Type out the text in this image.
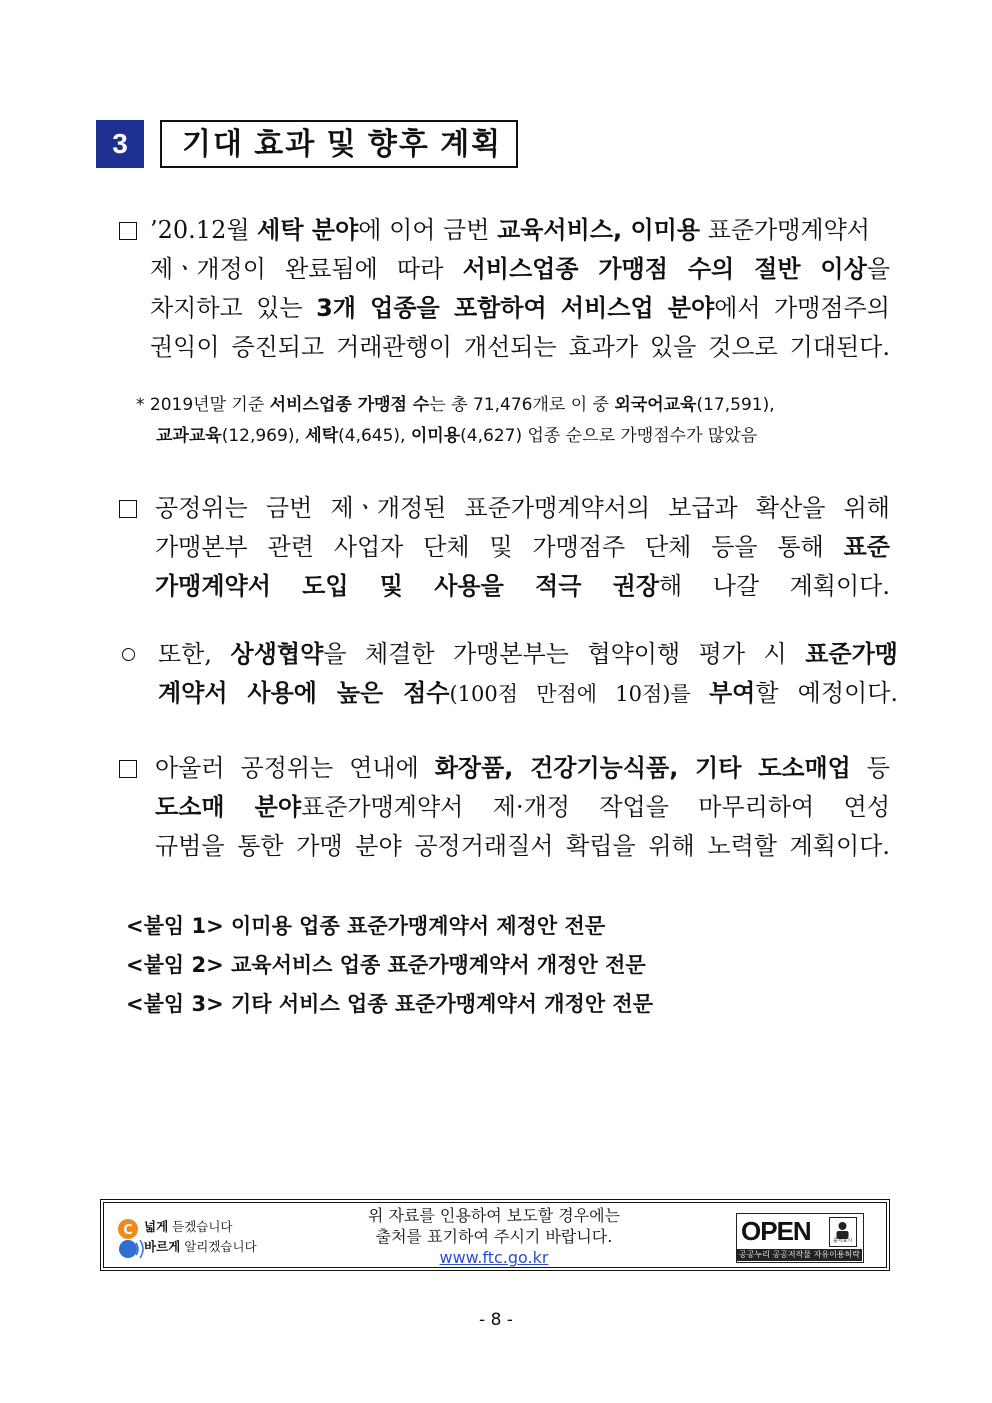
3	기대 효과 및 향후 계획
’20.12월 세탁 분야에 이어 금번 교육서비스, 이미용 표준가맹계약서
제ㆍ개정이 완료됨에 따라 서비스업종 가맹점 수의 절반 이상을
차지하고 있는 3개 업종을 포함하여 서비스업 분야에서 가맹점주의
권익이 증진되고 거래관행이 개선되는 효과가 있을 것으로 기대된다.
* 2019년말 기준 서비스업종 가맹점 수는 총 71,476개로 이 중 외국어교육(17,591),
교과교육(12,969), 세탁(4,645), 이미용(4,627) 업종 순으로 가맹점수가 많았음
공정위는 금번 제ㆍ개정된 표준가맹계약서의 보급과 확산을 위해
가맹본부 관련 사업자 단체 및 가맹점주 단체 등을 통해 표준
가맹계약서 도입 및 사용을 적극 권장해 나갈 계획이다.
또한, 상생협약을 체결한 가맹본부는 협약이행 평가 시 표준가맹
계약서 사용에 높은 점수(100점 만점에 10점)를 부여할 예정이다.
아울러 공정위는 연내에 화장품, 건강기능식품, 기타 도소매업 등
도소매 분야표준가맹계약서 제·개정 작업을 마무리하여 연성
규범을 통한 가맹 분야 공정거래질서 확립을 위해 노력할 계획이다.
<붙임 1> 이미용 업종 표준가맹계약서 제정안 전문
<붙임 2> 교육서비스 업종 표준가맹계약서 개정안 전문
<붙임 3> 기타 서비스 업종 표준가맹계약서 개정안 전문
C 넓게 듣겠습니다
바르게 알리겠습니다
위 자료를 인용하여 보도할 경우에는
출처를 표기하여 주시기 바랍니다.
www.ftc.go.kr
OPEN	출처표시
공공누리 공공저작물 자유이용허락
- 8 -
